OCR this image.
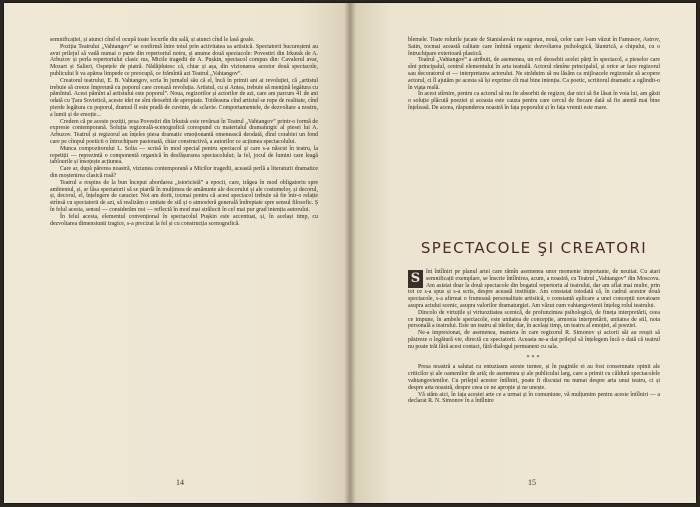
semnificației, și atunci cînd el ocupă toate locurile din sală, și atunci cînd le lasă goale.

Poziția Teatrului „Vahtangov” se confirmă între totul prin activitatea sa artistică. Spectatorii bucureșteni au avut prilejul să vadă numai o parte din repertoriul notru, și anume două spectacole: Povestiri din Irkutsk de A. Arbuzov și perla repertoriului clasic rus, Micile tragedii de A. Pușkin, spectacol compus din: Cavalerul avar, Mozart și Salieri, Ospețele de piatră. Nădăjduiesc că, chiar și așa, din vizionarea acestor două spectacole, publicului îi va apărea limpede ce preocupă, ce frămîntă azi Teatrul „Vahtangov”.

Creatorul teatrului, E. B. Vahtangov, scria în jurnalul său că el, încă în primii ani ai revoluției, că „artistul trebuie să creeze împreună cu poporul care creează revoluția. Artistul, cu și Antea, trebuie să mențină legătura cu pămîntul. Acest pămînt al artistului este poporul”. Noua, regizorilor și actorilor de azi, care am parcurs 41 de ani odată cu Țara Sovietică, aceste idei ne sînt deosebit de apropiate. Totdeauna cînd artistul se rupe de realitate, cînd pierde legătura cu poporul, dramul îl este pradă de cuvinte, de sclavie. Comportamentele, de dezvoltare a nostru, a lumii și de emoție...

Credem că pe aceste poziții, pesa Povestiri din Irkutsk este revărsat în Teatrul „Vahtangov” printr-o formă de expresie contemporană. Soluția regizorală-scenografică corespund cu materialul dramaturgic al piesei lui A. Arbuzov. Teatrul și regizorul au înțeles piesa dramatic emoționantă omenească deodată, dînd corabiei un fond care pe cîmpul poeticii o întruchipare pasionată, chiar constructivă, a autorilor ce acțiunea spectacolului.

Munca compozitorului L. Solta — scrisă în mod special pentru spectacol și care s-a născut în teatru, la repetiții — reprezintă o componentă organică în desfășurarea spectacolului; la fel, jocul de lumini care leagă tablourile și însoțește acțiunea.

Care ar, după părerea noastră, viziunea contemporană a Micilor tragedii, această perlă a literaturii dramatice din moștenirea clasică rusă?

Teatrul a respins de la bun început abordarea „istoricistă” a epocii, care, trăgea în mod obligatoriu spre ambientul, și, ar lăsa spectatorii să se piardă în mulțimea de amănunte ale decorului și ale costumelor, și decorul, și, decorul, el, înțelegere de caracter. Noi am dorit, tocmai pentru că acest spectacol trebuie să fie într-o relație strînsă cu spectatorii de azi, să realizăm o unitate de stil și o atmosferă generală îndreptate spre sensul filosofic. Ș în felul acesta, sensul — considerăm noi — reflectă în mod mai strălucit în cel mai pur grad intenția autorului.

În felul acesta, elementul convențional în spectacolul Pușkin este accentuat, și, în același timp, cu dezvoltarea dimensiunii tragice, s-a precizat la fel și cu construcția scenografică.

14

blemele. Toate rolurile jucate de Stanislavski ne sugerau, nouă, celor care l-am văzut în Famusov, Astrov, Satin, tocmai această calitate care îmbină organic dezvoltarea psihologică, lăuntrică, a chipului, cu o întruchipare exterioară plastică.

Teatrul „Vahtangov” a atribuit, de asemenea, un rol deosebit acelei părți în spectacol, a pieselor care sînt principalul, centrul elementului în arta teatrală. Actorul rămîne principalul, și orice ar face regizorul sau decoratorul ei — interpretarea actorului. Ne străduim să nu lăsăm ca mijloacele regizorale să acopere actorul, ci îl ajutăm pe acesta să își exprime cît mai bine intenția. Ca poetic, scriitorul dramatic a oglindit-o în viața reală.

În acest stîrnire, pentru ca actorul să nu fie absorbit de regizor, dar nici să fie lăsat în voia lui, am găsit o soluție plăcută poeziei și aceasta este cauza pentru care cercul de fiecare dată să fie atentă mai bine înțeleasă. De aceea, răspunderea noastră în fața poporului și în fața vremii este mare.

SPECTACOLE ŞI CREATORI

S înt întîlniri pe planul artei care rămîn asemenea unor momente importante, de neuitat. Cu atari semnificații exemplare, se înscrie întîlnirea, acum, a noastră, cu Teatrul „Vahtangov” din Moscova. Am asistat doar la două spectacole din bogatul repertoriu al teatrului, dar am aflat mai multe, prin tot ce s-a spus și s-a scris, despre această instituție. Am constatat totodată că, în cadrul acestor două spectacole, s-a afirmat o frumoasă personalitate artistică, o constantă aplicare a unei concepții novatoare asupra actului scenic, asupra valorilor dramaturgiei. Am văzut cum vahtangovienii înțeleg rolul teatrului.

Dincolo de virtuțile și virtuozitatea scenică, de profunzimea psihologică, de fineța interpretării, ceea ce impune, în ambele spectacole, este unitatea de concepție, armonia interpretării, unitatea de stil, nota personală a teatrului. Este un teatru al ideilor, dar, în același timp, un teatru al emoției, al poeziei.

Ne-a impresionat, de asemenea, maniera în care regizorul R. Simonov și actorii săi au reușit să păstreze o legătură vie, directă cu spectatorii. Aceasta ne-a dat prilejul să înțelegem încă o dată că teatrul nu poate trăi fără acest contact, fără dialogul permanent cu sala.

***

Presa noastră a salutat cu entuziasm aceste turnee, și în paginile ei au fost consemnate opinii ale criticilor și ale oamenilor de artă; de asemenea și ale publicului larg, care a primit cu căldură spectacolele vahtangovienilor. Cu prilejul acestor întîlniri, poate fi discutat nu numai despre arta unui teatru, ci și despre arta noastră, despre ceea ce ne apropie și ne unește.

Vă stăm aici, în fața acestei arte ce a urmat și în comuniune, vă mulțumim pentru aceste întîlniri — a declarat R. N. Simonov în a întîlnire

15
